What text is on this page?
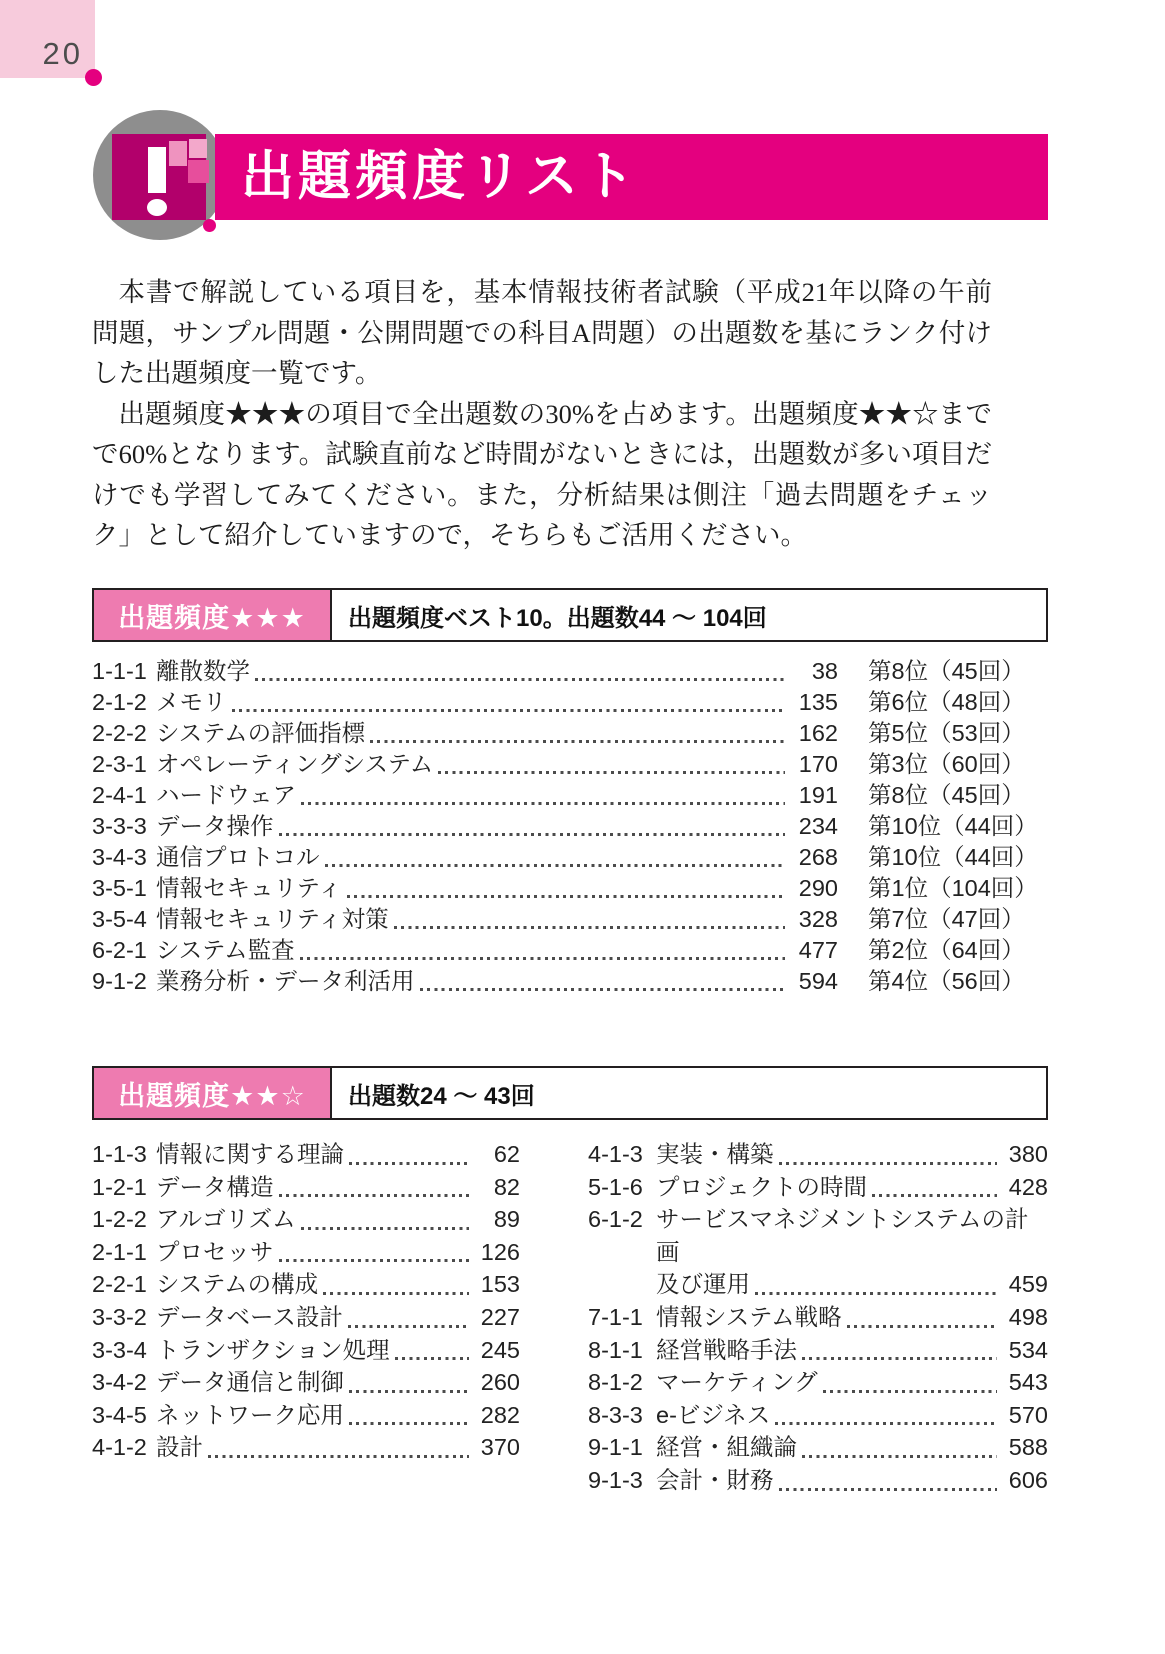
20
出題頻度リスト

本書で解説している項目を，基本情報技術者試験（平成21年以降の午前問題，サンプル問題・公開問題での科目A問題）の出題数を基にランク付けした出題頻度一覧です。

出題頻度★★★の項目で全出題数の30%を占めます。出題頻度★★☆までで60%となります。試験直前など時間がないときには，出題数が多い項目だけでも学習してみてください。また，分析結果は側注「過去問題をチェック」として紹介していますので，そちらもご活用ください。

出題頻度★★★	出題頻度ベスト10。出題数44 ～ 104回
1-1-1 離散数学	38 第8位（45回）
2-1-2 メモリ	135 第6位（48回）
2-2-2 システムの評価指標	162 第5位（53回）
2-3-1 オペレーティングシステム	170 第3位（60回）
2-4-1 ハードウェア	191 第8位（45回）
3-3-3 データ操作	234 第10位（44回）
3-4-3 通信プロトコル	268 第10位（44回）
3-5-1 情報セキュリティ	290 第1位（104回）
3-5-4 情報セキュリティ対策	328 第7位（47回）
6-2-1 システム監査	477 第2位（64回）
9-1-2 業務分析・データ利活用	594 第4位（56回）
出題頻度★★☆	出題数24 ～ 43回
1-1-3 情報に関する理論	62
1-2-1 データ構造	82
1-2-2 アルゴリズム	89
2-1-1 プロセッサ	126
2-2-1 システムの構成	153
3-3-2 データベース設計	227
3-3-4 トランザクション処理	245
3-4-2 データ通信と制御	260
3-4-5 ネットワーク応用	282
4-1-2 設計	370
4-1-3 実装・構築	380
5-1-6 プロジェクトの時間	428
6-1-2 サービスマネジメントシステムの計画
及び運用	459
7-1-1 情報システム戦略	498
8-1-1 経営戦略手法	534
8-1-2 マーケティング	543
8-3-3 e-ビジネス	570
9-1-1 経営・組織論	588
9-1-3 会計・財務	606
